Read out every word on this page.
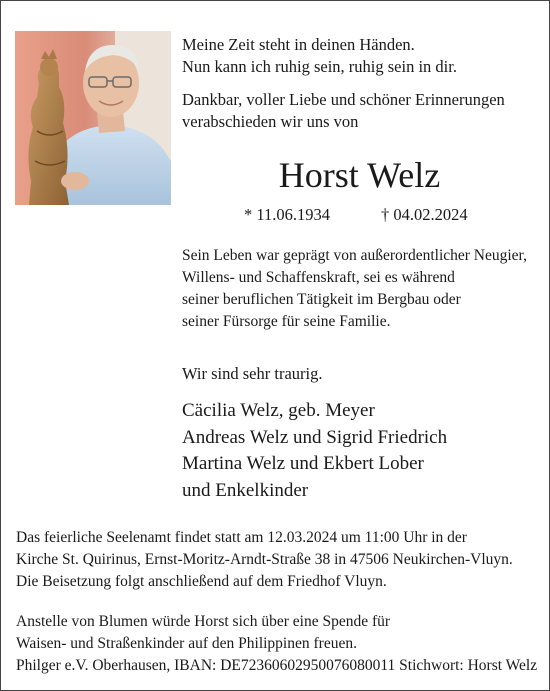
Meine Zeit steht in deinen Händen.
Nun kann ich ruhig sein, ruhig sein in dir.
Dankbar, voller Liebe und schöner Erinnerungen
verabschieden wir uns von
Horst Welz
* 11.06.1934	† 04.02.2024
Sein Leben war geprägt von außerordentlicher Neugier,
Willens- und Schaffenskraft, sei es während
seiner beruflichen Tätigkeit im Bergbau oder
seiner Fürsorge für seine Familie.
Wir sind sehr traurig.
Cäcilia Welz, geb. Meyer
Andreas Welz und Sigrid Friedrich
Martina Welz und Ekbert Lober
und Enkelkinder
Das feierliche Seelenamt findet statt am 12.03.2024 um 11:00 Uhr in der
Kirche St. Quirinus, Ernst-Moritz-Arndt-Straße 38 in 47506 Neukirchen-Vluyn.
Die Beisetzung folgt anschließend auf dem Friedhof Vluyn.
Anstelle von Blumen würde Horst sich über eine Spende für
Waisen- und Straßenkinder auf den Philippinen freuen.
Philger e.V. Oberhausen, IBAN: DE72360602950076080011 Stichwort: Horst Welz
